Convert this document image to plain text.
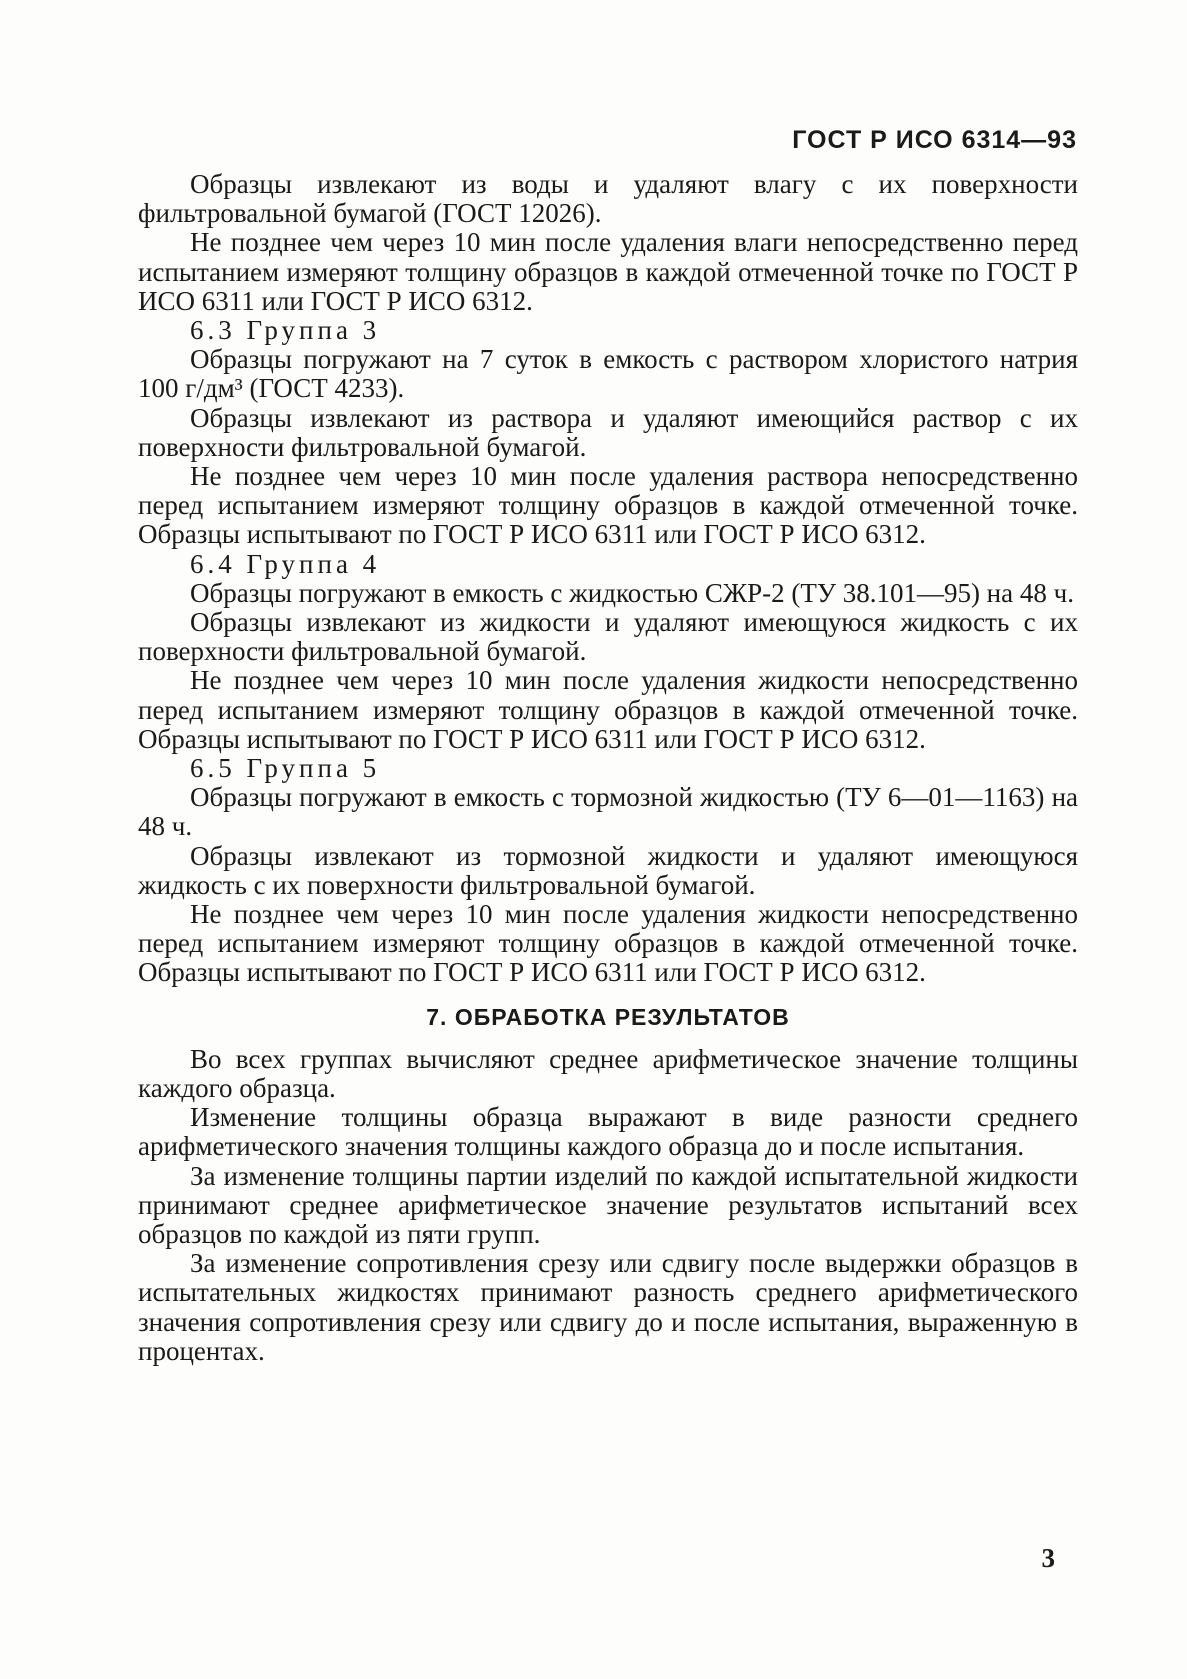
ГОСТ Р ИСО 6314—93

Образцы извлекают из воды и удаляют влагу с их поверхности фильтровальной бумагой (ГОСТ 12026).

Не позднее чем через 10 мин после удаления влаги непосредственно перед испытанием измеряют толщину образцов в каждой отмеченной точке по ГОСТ Р ИСО 6311 или ГОСТ Р ИСО 6312.

6.3 Группа 3

Образцы погружают на 7 суток в емкость с раствором хлористого натрия 100 г/дм³ (ГОСТ 4233).

Образцы извлекают из раствора и удаляют имеющийся раствор с их поверхности фильтровальной бумагой.

Не позднее чем через 10 мин после удаления раствора непосредственно перед испытанием измеряют толщину образцов в каждой отмеченной точке. Образцы испытывают по ГОСТ Р ИСО 6311 или ГОСТ Р ИСО 6312.

6.4 Группа 4

Образцы погружают в емкость с жидкостью СЖР-2 (ТУ 38.101—95) на 48 ч.

Образцы извлекают из жидкости и удаляют имеющуюся жидкость с их поверхности фильтровальной бумагой.

Не позднее чем через 10 мин после удаления жидкости непосредственно перед испытанием измеряют толщину образцов в каждой отмеченной точке. Образцы испытывают по ГОСТ Р ИСО 6311 или ГОСТ Р ИСО 6312.

6.5 Группа 5

Образцы погружают в емкость с тормозной жидкостью (ТУ 6—01—1163) на 48 ч.

Образцы извлекают из тормозной жидкости и удаляют имеющуюся жидкость с их поверхности фильтровальной бумагой.

Не позднее чем через 10 мин после удаления жидкости непосредственно перед испытанием измеряют толщину образцов в каждой отмеченной точке. Образцы испытывают по ГОСТ Р ИСО 6311 или ГОСТ Р ИСО 6312.

7. ОБРАБОТКА РЕЗУЛЬТАТОВ

Во всех группах вычисляют среднее арифметическое значение толщины каждого образца.

Изменение толщины образца выражают в виде разности среднего арифметического значения толщины каждого образца до и после испытания.

За изменение толщины партии изделий по каждой испытательной жидкости принимают среднее арифметическое значение результатов испытаний всех образцов по каждой из пяти групп.

За изменение сопротивления срезу или сдвигу после выдержки образцов в испытательных жидкостях принимают разность среднего арифметического значения сопротивления срезу или сдвигу до и после испытания, выраженную в процентах.

3
